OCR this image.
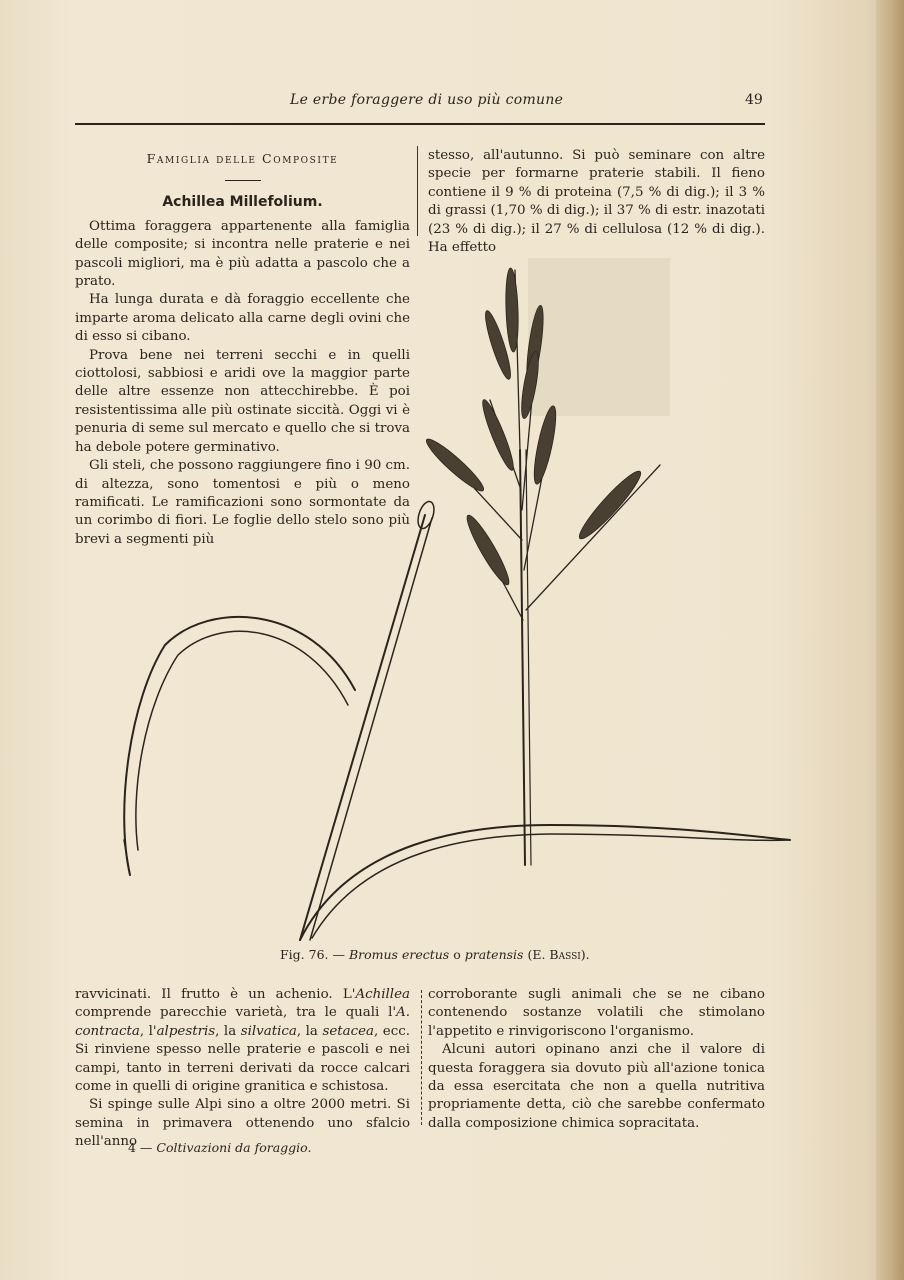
Le erbe foraggere di uso più comune	49
Famiglia delle Composite
Achillea Millefolium.

Ottima foraggera appartenente alla famiglia delle composite; si incontra nelle praterie e nei pascoli migliori, ma è più adatta a pascolo che a prato.

Ha lunga durata e dà foraggio eccellente che imparte aroma delicato alla carne degli ovini che di esso si cibano.

Prova bene nei terreni secchi e in quelli ciottolosi, sabbiosi e aridi ove la maggior parte delle altre essenze non attecchirebbe. È poi resistentissima alle più ostinate siccità. Oggi vi è penuria di seme sul mercato e quello che si trova ha debole potere germinativo.

Gli steli, che possono raggiungere fino i 90 cm. di altezza, sono tomentosi e più o meno ramificati. Le ramificazioni sono sormontate da un corimbo di fiori. Le foglie dello stelo sono più brevi a segmenti più

stesso, all'autunno. Si può seminare con altre specie per formarne praterie stabili. Il fieno contiene il 9 % di proteina (7,5 % di dig.); il 3 % di grassi (1,70 % di dig.); il 37 % di estr. inazotati (23 % di dig.); il 27 % di cellulosa (12 % di dig.). Ha effetto

Fig. 76. — Bromus erectus o pratensis (E. Bassi).

ravvicinati. Il frutto è un achenio. L'Achillea comprende parecchie varietà, tra le quali l'A. contracta, l'alpestris, la silvatica, la setacea, ecc. Si rinviene spesso nelle praterie e pascoli e nei campi, tanto in terreni derivati da rocce calcari come in quelli di origine granitica e schistosa.

Si spinge sulle Alpi sino a oltre 2000 metri. Si semina in primavera ottenendo uno sfalcio nell'anno

corroborante sugli animali che se ne cibano contenendo sostanze volatili che stimolano l'appetito e rinvigoriscono l'organismo.

Alcuni autori opinano anzi che il valore di questa foraggera sia dovuto più all'azione tonica da essa esercitata che non a quella nutritiva propriamente detta, ciò che sarebbe confermato dalla composizione chimica sopracitata.

4 — Coltivazioni da foraggio.
